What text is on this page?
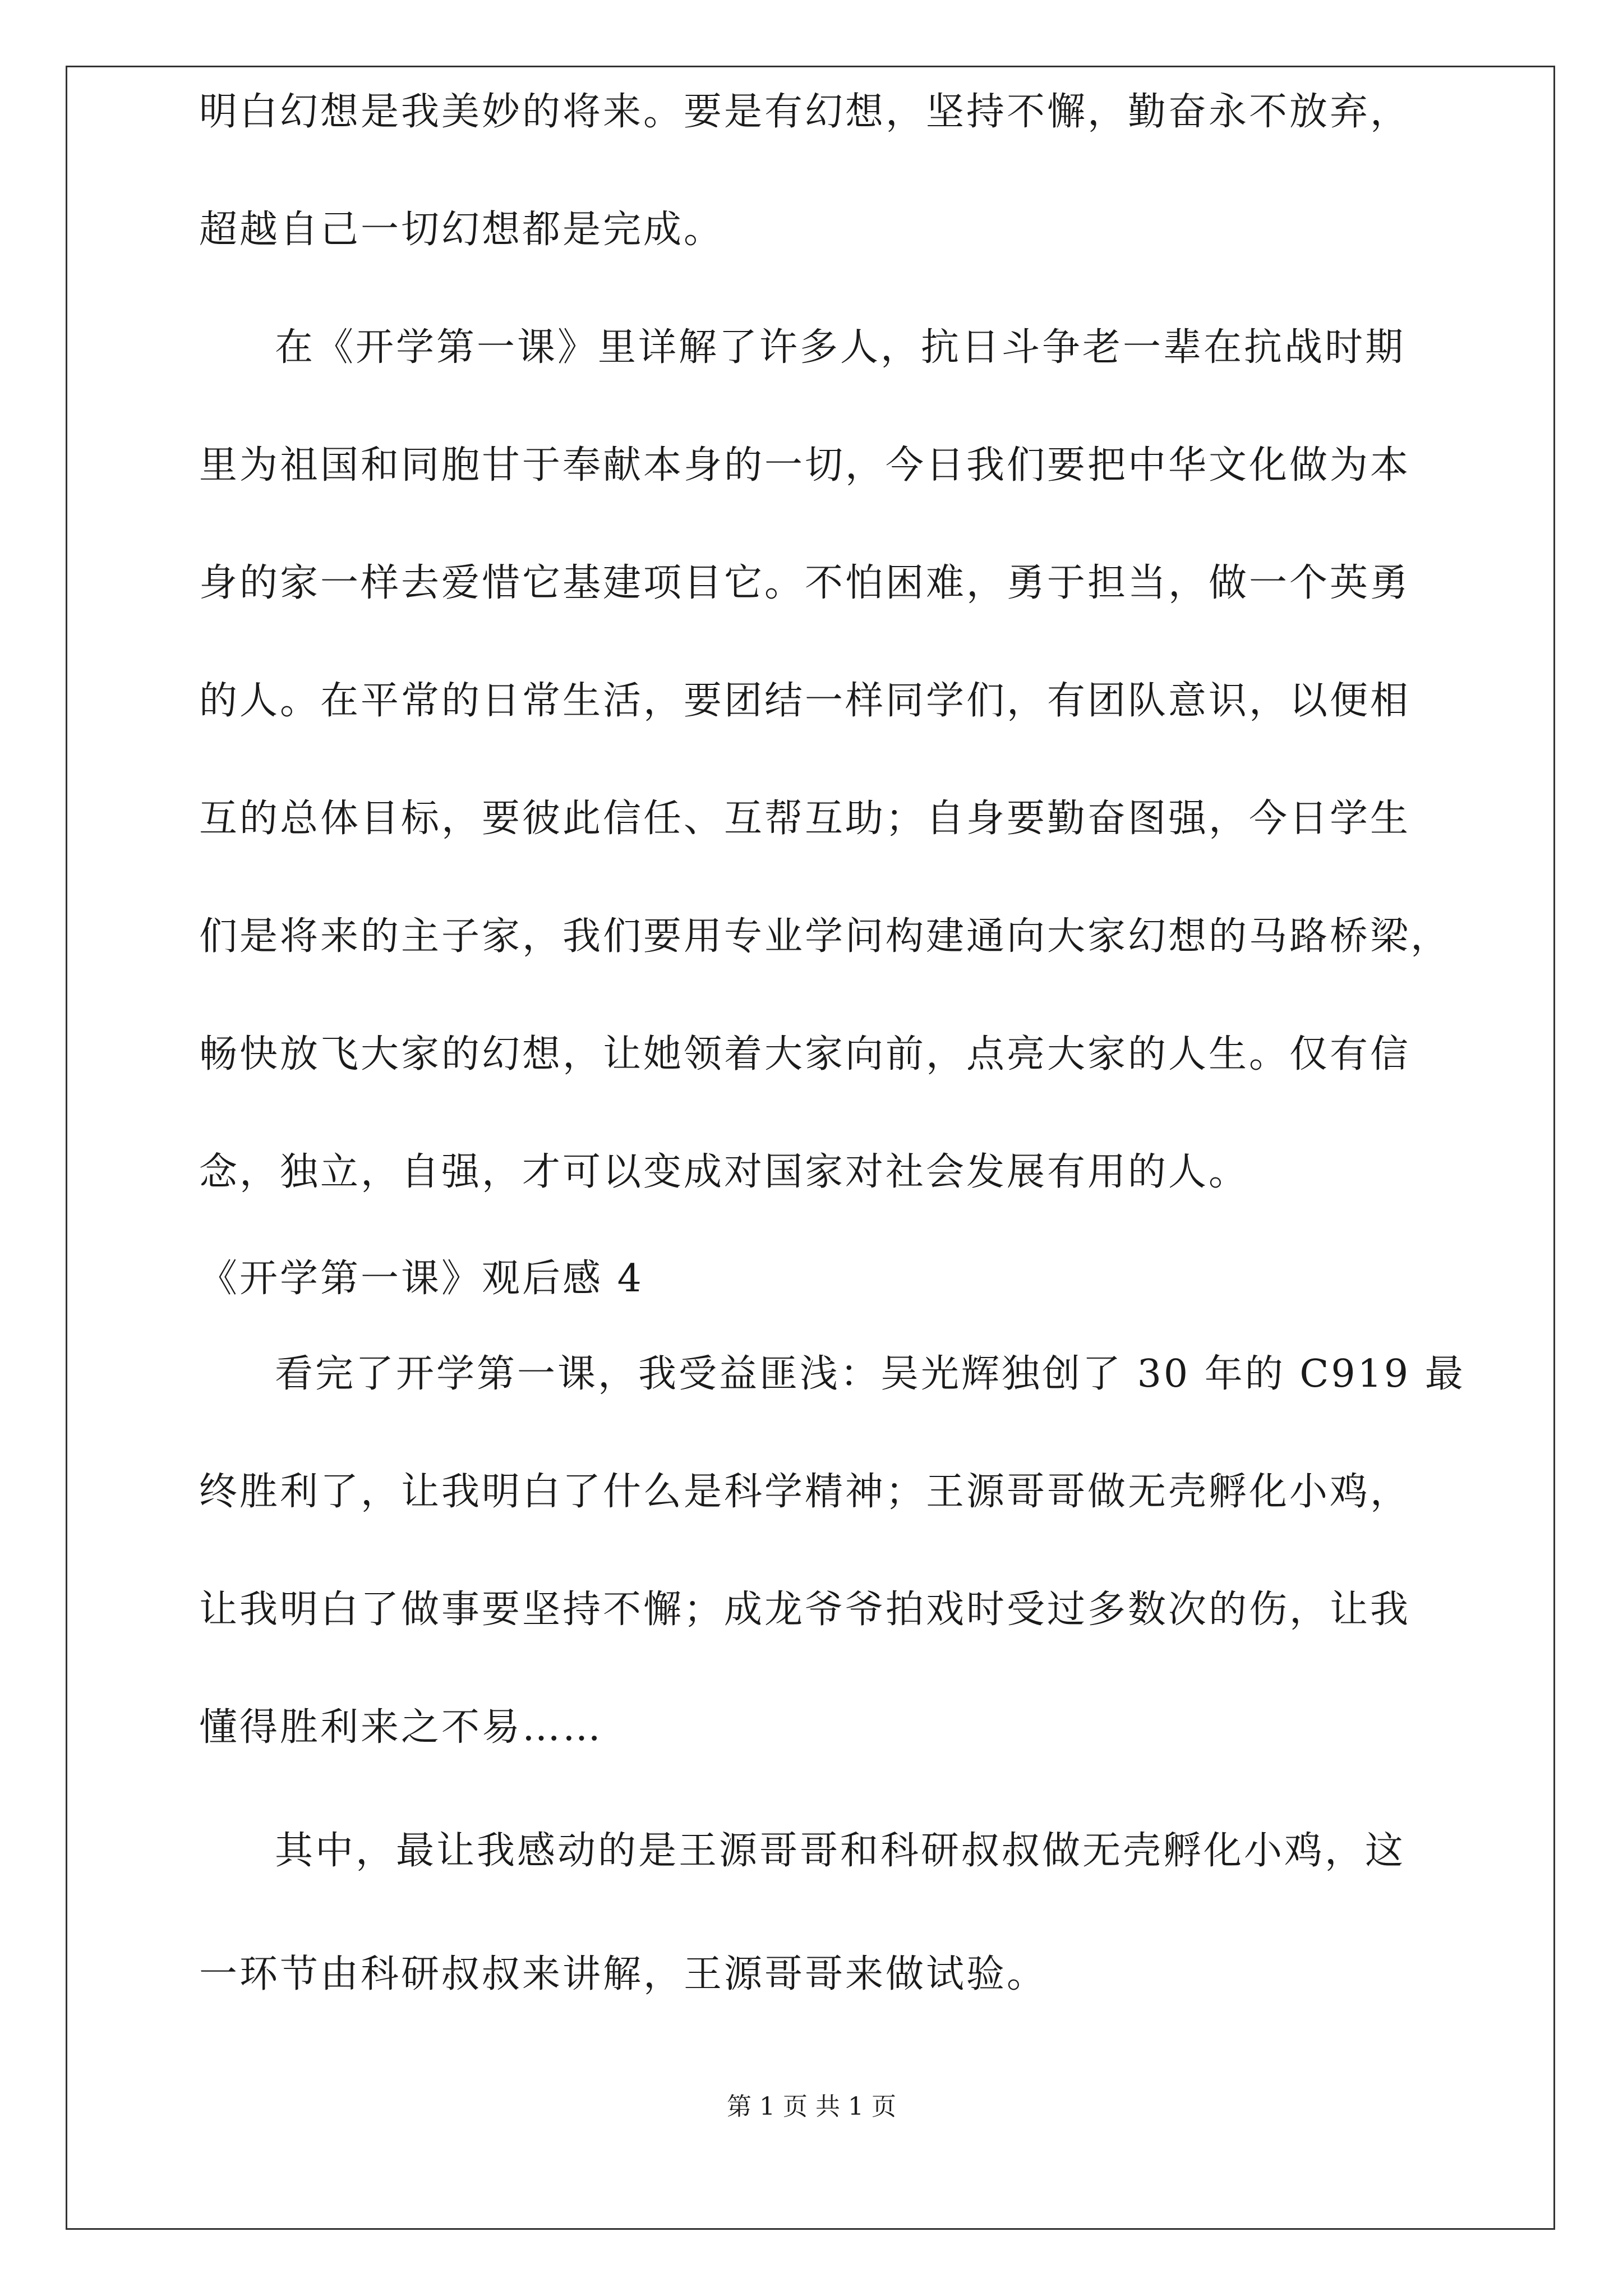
明白幻想是我美妙的将来。要是有幻想，坚持不懈，勤奋永不放弃，
超越自己一切幻想都是完成。
在《开学第一课》里详解了许多人，抗日斗争老一辈在抗战时期
里为祖国和同胞甘于奉献本身的一切，今日我们要把中华文化做为本
身的家一样去爱惜它基建项目它。不怕困难，勇于担当，做一个英勇
的人。在平常的日常生活，要团结一样同学们，有团队意识，以便相
互的总体目标，要彼此信任、互帮互助；自身要勤奋图强，今日学生
们是将来的主子家，我们要用专业学问构建通向大家幻想的马路桥梁，
畅快放飞大家的幻想，让她领着大家向前，点亮大家的人生。仅有信
念，独立，自强，才可以变成对国家对社会发展有用的人。
《开学第一课》观后感 4
看完了开学第一课，我受益匪浅：吴光辉独创了 30 年的 C919 最
终胜利了，让我明白了什么是科学精神；王源哥哥做无壳孵化小鸡，
让我明白了做事要坚持不懈；成龙爷爷拍戏时受过多数次的伤，让我
懂得胜利来之不易……
其中，最让我感动的是王源哥哥和科研叔叔做无壳孵化小鸡，这
第 1 页 共 1 页
一环节由科研叔叔来讲解，王源哥哥来做试验。
